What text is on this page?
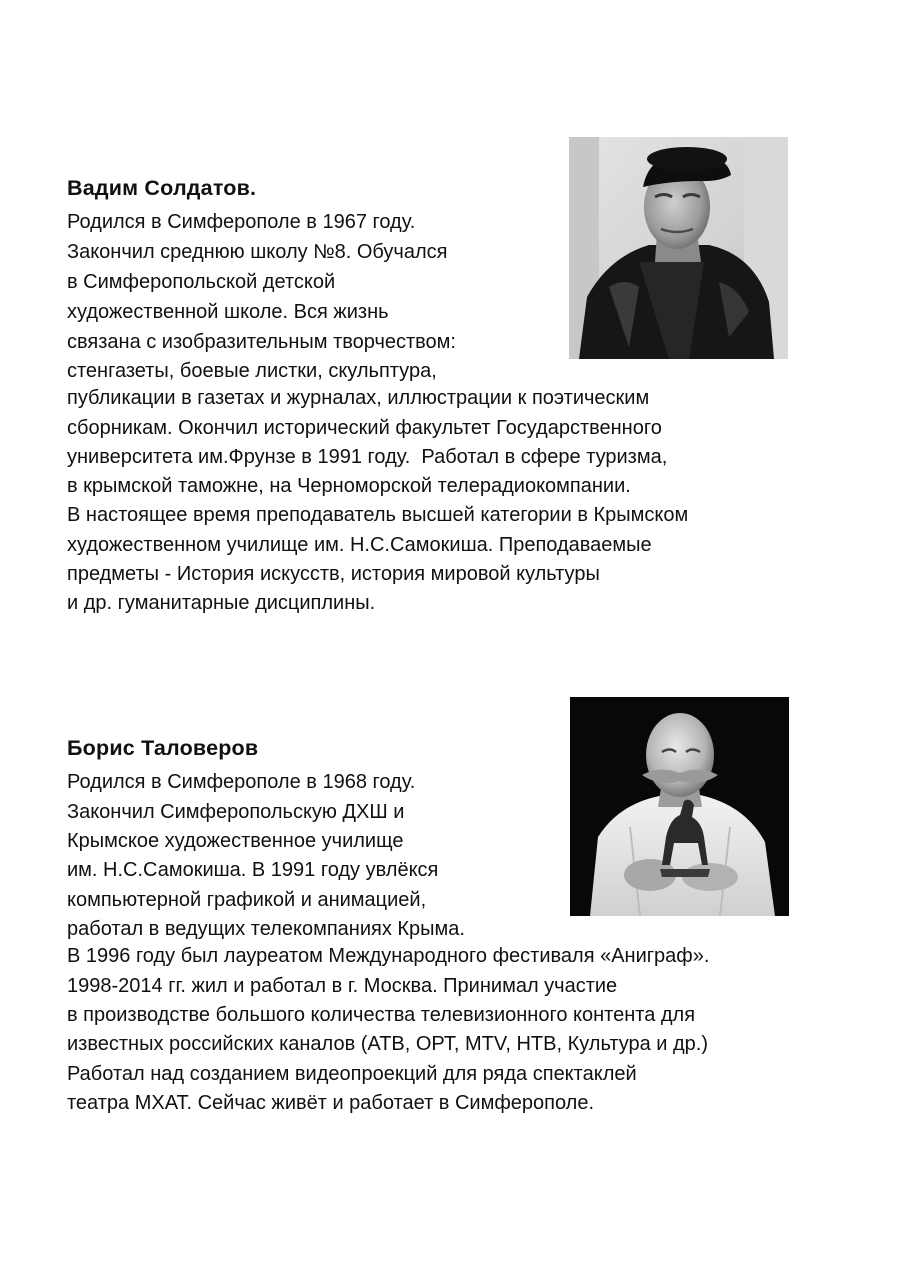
Вадим Солдатов.
Родился в Симферополе в 1967 году.
Закончил среднюю школу №8. Обучался
в Симферопольской детской
художественной школе. Вся жизнь
связана с изобразительным творчеством:
стенгазеты, боевые листки, скульптура,
публикации в газетах и журналах, иллюстрации к поэтическим
сборникам. Окончил исторический факультет Государственного
университета им.Фрунзе в 1991 году.  Работал в сфере туризма,
в крымской таможне, на Черноморской телерадиокомпании.
В настоящее время преподаватель высшей категории в Крымском
художественном училище им. Н.С.Самокиша. Преподаваемые
предметы - История искусств, история мировой культуры
и др. гуманитарные дисциплины.
Борис Таловеров
Родился в Симферополе в 1968 году.
Закончил Симферопольскую ДХШ и
Крымское художественное училище
им. Н.С.Самокиша. В 1991 году увлёкся
компьютерной графикой и анимацией,
работал в ведущих телекомпаниях Крыма.
В 1996 году был лауреатом Международного фестиваля «Аниграф».
1998-2014 гг. жил и работал в г. Москва. Принимал участие
в производстве большого количества телевизионного контента для
известных российских каналов (АТВ, ОРТ, MTV, НТВ, Культура и др.)
Работал над созданием видеопроекций для ряда спектаклей
театра МХАТ. Сейчас живёт и работает в Симферополе.
